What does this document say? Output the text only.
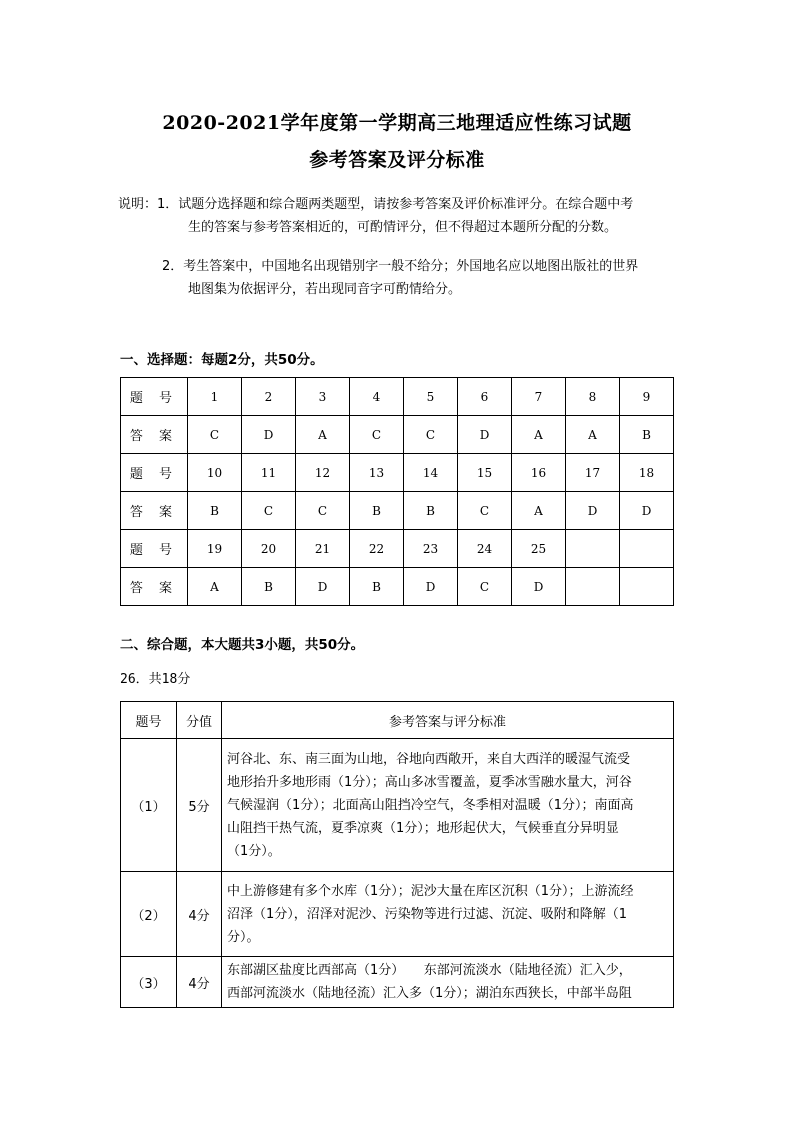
2020-2021学年度第一学期高三地理适应性练习试题
参考答案及评分标准
说明：1．试题分选择题和综合题两类题型，请按参考答案及评价标准评分。在综合题中考
生的答案与参考答案相近的，可酌情评分，但不得超过本题所分配的分数。
2．考生答案中，中国地名出现错别字一般不给分；外国地名应以地图出版社的世界
地图集为依据评分，若出现同音字可酌情给分。
一、选择题：每题2分，共50分。
题 号	1	2	3	4	5	6	7	8	9
答 案	C	D	A	C	C	D	A	A	B
题 号	10	11	12	13	14	15	16	17	18
答 案	B	C	C	B	B	C	A	D	D
题 号	19	20	21	22	23	24	25		
答 案	A	B	D	B	D	C	D		
二、综合题，本大题共3小题，共50分。
26．共18分
题号	分值	参考答案与评分标准
（1）	5分	河谷北、东、南三面为山地，谷地向西敞开，来自大西洋的暖湿气流受
地形抬升多地形雨（1分）；高山多冰雪覆盖，夏季冰雪融水量大，河谷
气候湿润（1分）；北面高山阻挡冷空气，冬季相对温暖（1分）；南面高
山阻挡干热气流，夏季凉爽（1分）；地形起伏大，气候垂直分异明显
（1分）。

（2）	4分	中上游修建有多个水库（1分）；泥沙大量在库区沉积（1分）；上游流经
沼泽（1分），沼泽对泥沙、污染物等进行过滤、沉淀、吸附和降解（1
分）。

（3）	4分	东部湖区盐度比西部高（1分）　　东部河流淡水（陆地径流）汇入少，
西部河流淡水（陆地径流）汇入多（1分）；湖泊东西狭长，中部半岛阻
